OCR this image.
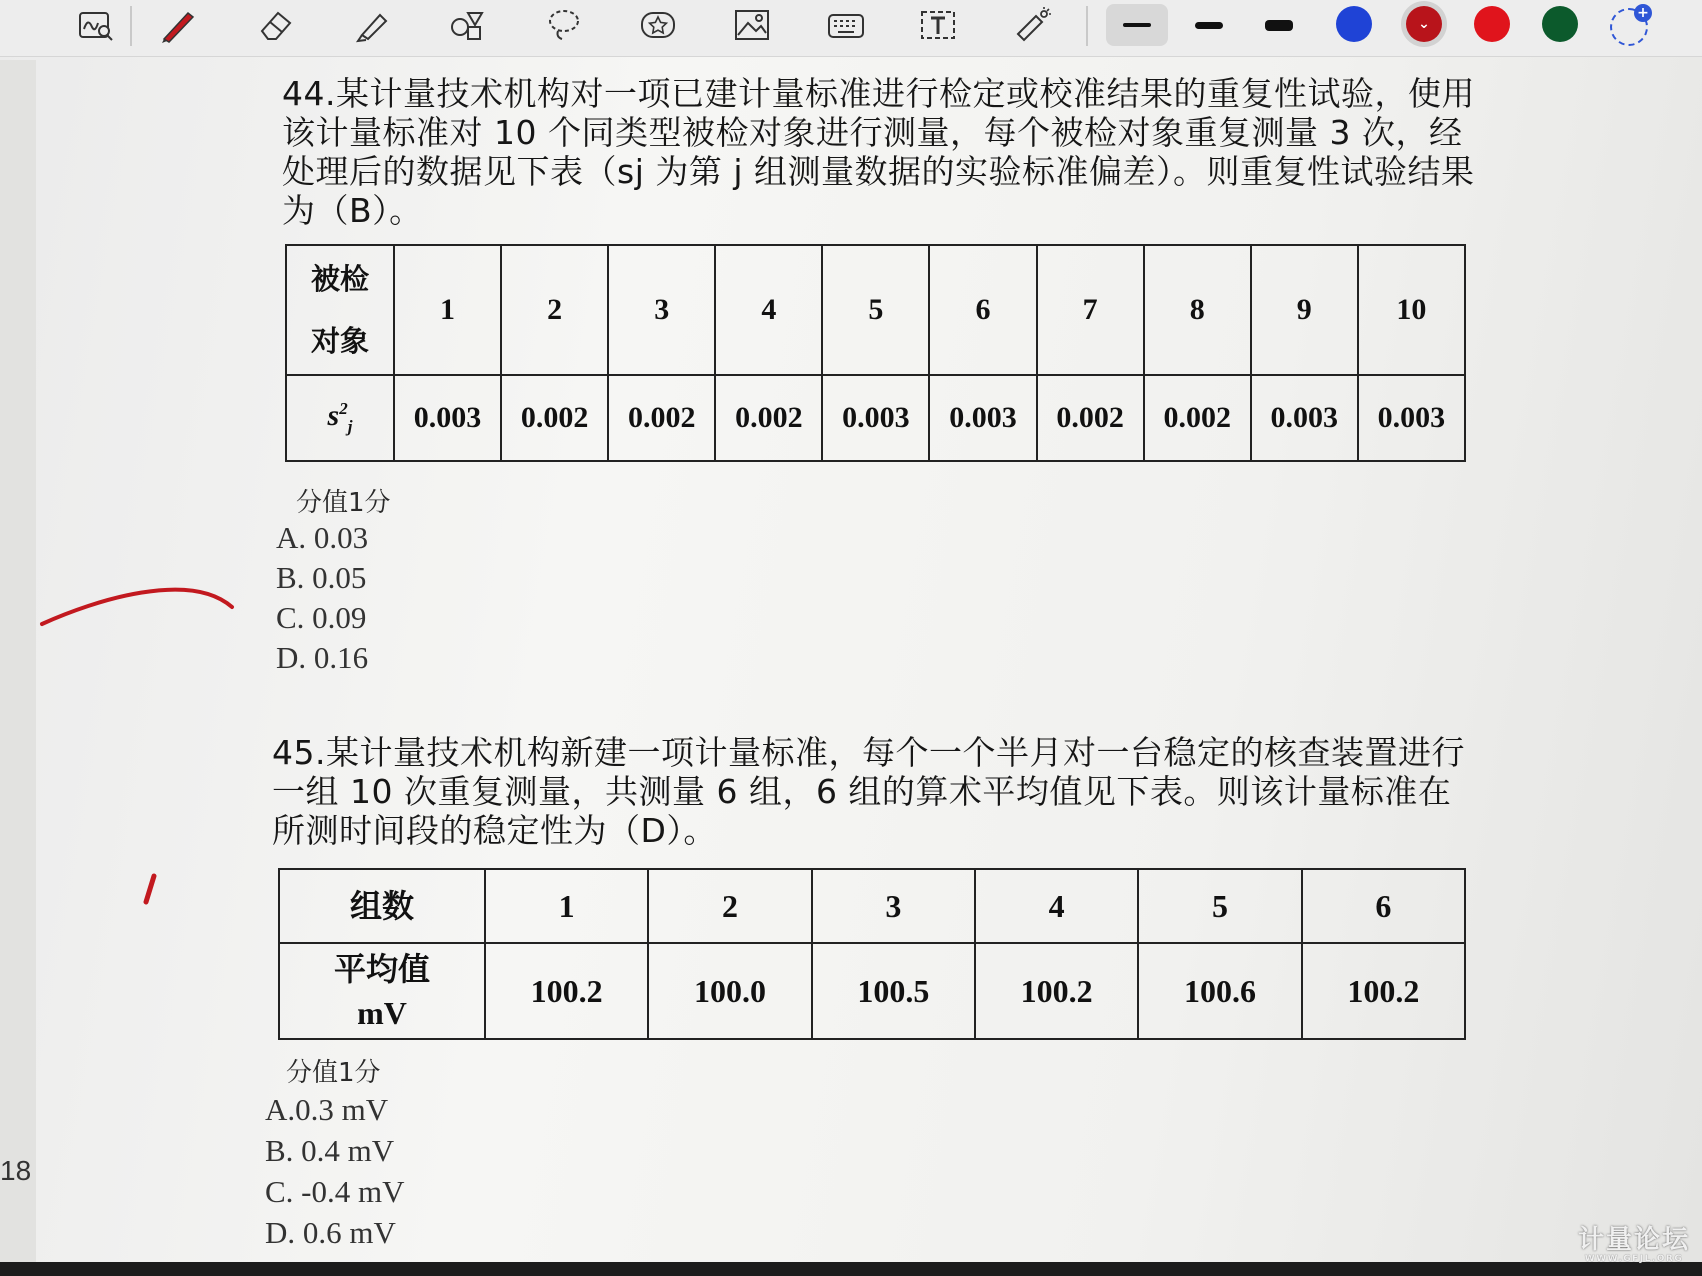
⌄
+

44.某计量技术机构对一项已建计量标准进行检定或校准结果的重复性试验，使用该计量标准对 10 个同类型被检对象进行测量，每个被检对象重复测量 3 次，经处理后的数据见下表（sj 为第 j 组测量数据的实验标准偏差）。则重复性试验结果为（B）。

被检
对象	1	2	3	4	5	6	7	8	9	10
$s^2_j$	0.003	0.002	0.002	0.002	0.003	0.003	0.002	0.002	0.003	0.003
分值1分
A. 0.03
B. 0.05
C. 0.09
D. 0.16

45.某计量技术机构新建一项计量标准，每个一个半月对一台稳定的核查装置进行一组 10 次重复测量，共测量 6 组，6 组的算术平均值见下表。则该计量标准在所测时间段的稳定性为（D）。

组数	1	2	3	4	5	6
平均值
mV	100.2	100.0	100.5	100.2	100.6	100.2
分值1分
A.0.3 mV
B. 0.4 mV
C. -0.4 mV
D. 0.6 mV
18
计量论坛
WWW.GFJL.ORG
